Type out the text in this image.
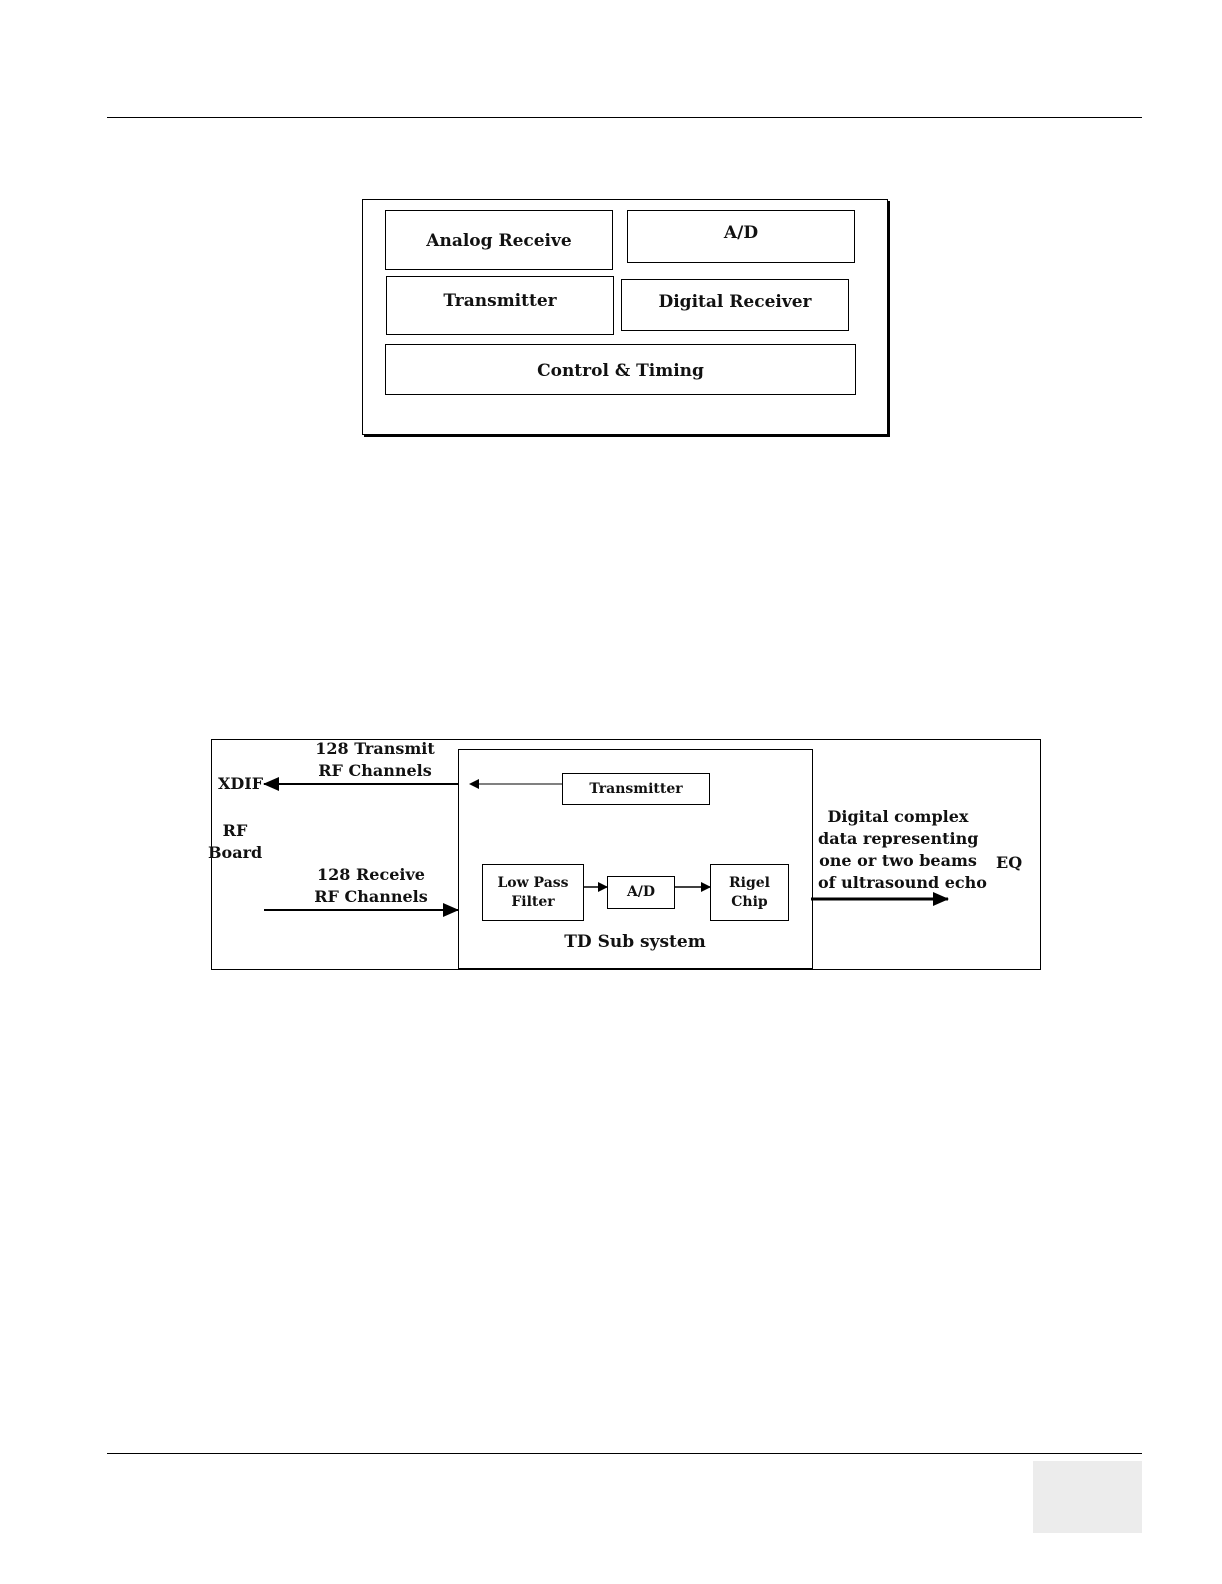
Analog Receive	A/D
Transmitter	Digital Receiver
Control & Timing
Transmitter
Low Pass
Filter
A/D
Rigel
Chip
TD Sub system
128 Transmit
RF Channels
XDIF
RF
Board
128 Receive
RF Channels
Digital complex
data representing
one or two beams
of ultrasound echo
EQ
